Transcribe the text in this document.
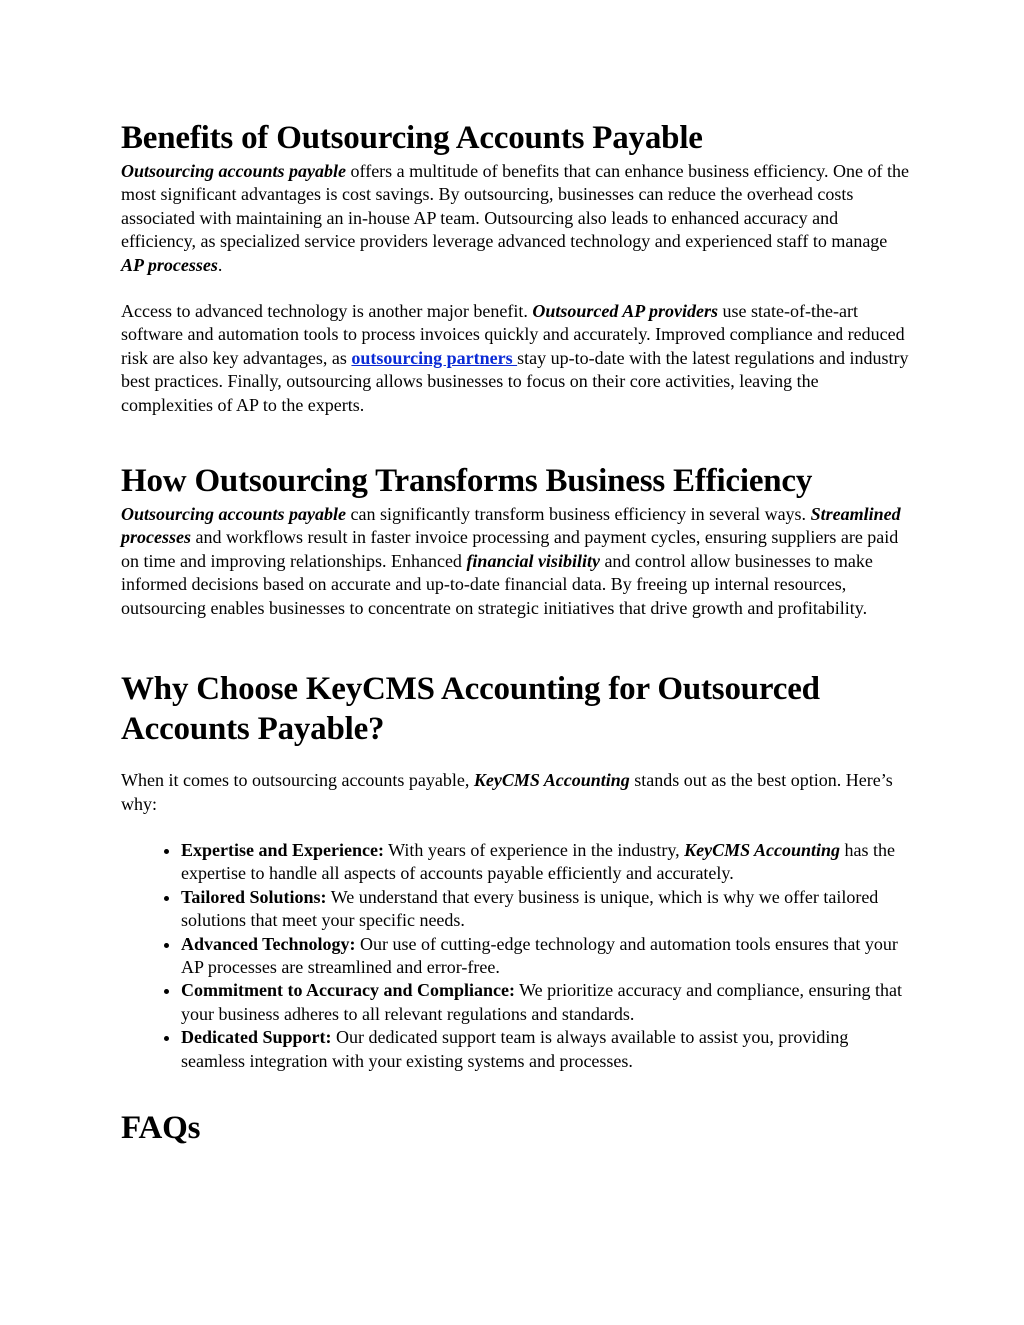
Benefits of Outsourcing Accounts Payable

Outsourcing accounts payable offers a multitude of benefits that can enhance business efficiency. One of the most significant advantages is cost savings. By outsourcing, businesses can reduce the overhead costs associated with maintaining an in-house AP team. Outsourcing also leads to enhanced accuracy and efficiency, as specialized service providers leverage advanced technology and experienced staff to manage AP processes.

Access to advanced technology is another major benefit. Outsourced AP providers use state-of-the-art software and automation tools to process invoices quickly and accurately. Improved compliance and reduced risk are also key advantages, as outsourcing partners stay up-to-date with the latest regulations and industry best practices. Finally, outsourcing allows businesses to focus on their core activities, leaving the complexities of AP to the experts.

How Outsourcing Transforms Business Efficiency

Outsourcing accounts payable can significantly transform business efficiency in several ways. Streamlined processes and workflows result in faster invoice processing and payment cycles, ensuring suppliers are paid on time and improving relationships. Enhanced financial visibility and control allow businesses to make informed decisions based on accurate and up-to-date financial data. By freeing up internal resources, outsourcing enables businesses to concentrate on strategic initiatives that drive growth and profitability.

Why Choose KeyCMS Accounting for Outsourced Accounts Payable?

When it comes to outsourcing accounts payable, KeyCMS Accounting stands out as the best option. Here’s why:

• Expertise and Experience: With years of experience in the industry, KeyCMS Accounting has the expertise to handle all aspects of accounts payable efficiently and accurately.
• Tailored Solutions: We understand that every business is unique, which is why we offer tailored solutions that meet your specific needs.
• Advanced Technology: Our use of cutting-edge technology and automation tools ensures that your AP processes are streamlined and error-free.
• Commitment to Accuracy and Compliance: We prioritize accuracy and compliance, ensuring that your business adheres to all relevant regulations and standards.
• Dedicated Support: Our dedicated support team is always available to assist you, providing seamless integration with your existing systems and processes.
FAQs
